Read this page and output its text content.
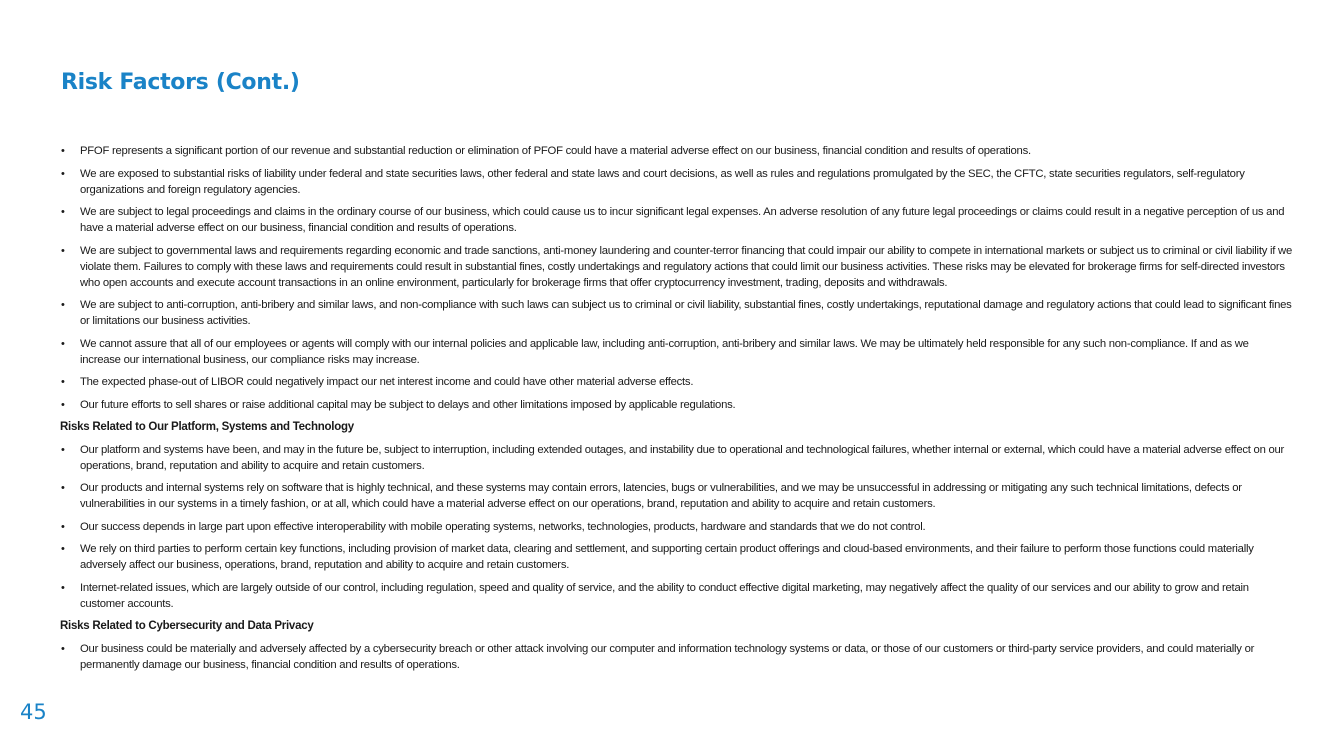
Risk Factors (Cont.)
• PFOF represents a significant portion of our revenue and substantial reduction or elimination of PFOF could have a material adverse effect on our business, financial condition and results of operations.
• We are exposed to substantial risks of liability under federal and state securities laws, other federal and state laws and court decisions, as well as rules and regulations promulgated by the SEC, the CFTC, state securities regulators, self-regulatory organizations and foreign regulatory agencies.
• We are subject to legal proceedings and claims in the ordinary course of our business, which could cause us to incur significant legal expenses. An adverse resolution of any future legal proceedings or claims could result in a negative perception of us and have a material adverse effect on our business, financial condition and results of operations.
• We are subject to governmental laws and requirements regarding economic and trade sanctions, anti-money laundering and counter-terror financing that could impair our ability to compete in international markets or subject us to criminal or civil liability if we violate them. Failures to comply with these laws and requirements could result in substantial fines, costly undertakings and regulatory actions that could limit our business activities. These risks may be elevated for brokerage firms for self-directed investors who open accounts and execute account transactions in an online environment, particularly for brokerage firms that offer cryptocurrency investment, trading, deposits and withdrawals.
• We are subject to anti-corruption, anti-bribery and similar laws, and non-compliance with such laws can subject us to criminal or civil liability, substantial fines, costly undertakings, reputational damage and regulatory actions that could lead to significant fines or limitations our business activities.
• We cannot assure that all of our employees or agents will comply with our internal policies and applicable law, including anti-corruption, anti-bribery and similar laws. We may be ultimately held responsible for any such non-compliance. If and as we increase our international business, our compliance risks may increase.
• The expected phase-out of LIBOR could negatively impact our net interest income and could have other material adverse effects.
• Our future efforts to sell shares or raise additional capital may be subject to delays and other limitations imposed by applicable regulations.
Risks Related to Our Platform, Systems and Technology
• Our platform and systems have been, and may in the future be, subject to interruption, including extended outages, and instability due to operational and technological failures, whether internal or external, which could have a material adverse effect on our operations, brand, reputation and ability to acquire and retain customers.
• Our products and internal systems rely on software that is highly technical, and these systems may contain errors, latencies, bugs or vulnerabilities, and we may be unsuccessful in addressing or mitigating any such technical limitations, defects or vulnerabilities in our systems in a timely fashion, or at all, which could have a material adverse effect on our operations, brand, reputation and ability to acquire and retain customers.
• Our success depends in large part upon effective interoperability with mobile operating systems, networks, technologies, products, hardware and standards that we do not control.
• We rely on third parties to perform certain key functions, including provision of market data, clearing and settlement, and supporting certain product offerings and cloud-based environments, and their failure to perform those functions could materially adversely affect our business, operations, brand, reputation and ability to acquire and retain customers.
• Internet-related issues, which are largely outside of our control, including regulation, speed and quality of service, and the ability to conduct effective digital marketing, may negatively affect the quality of our services and our ability to grow and retain customer accounts.
Risks Related to Cybersecurity and Data Privacy
• Our business could be materially and adversely affected by a cybersecurity breach or other attack involving our computer and information technology systems or data, or those of our customers or third-party service providers, and could materially or permanently damage our business, financial condition and results of operations.
45
